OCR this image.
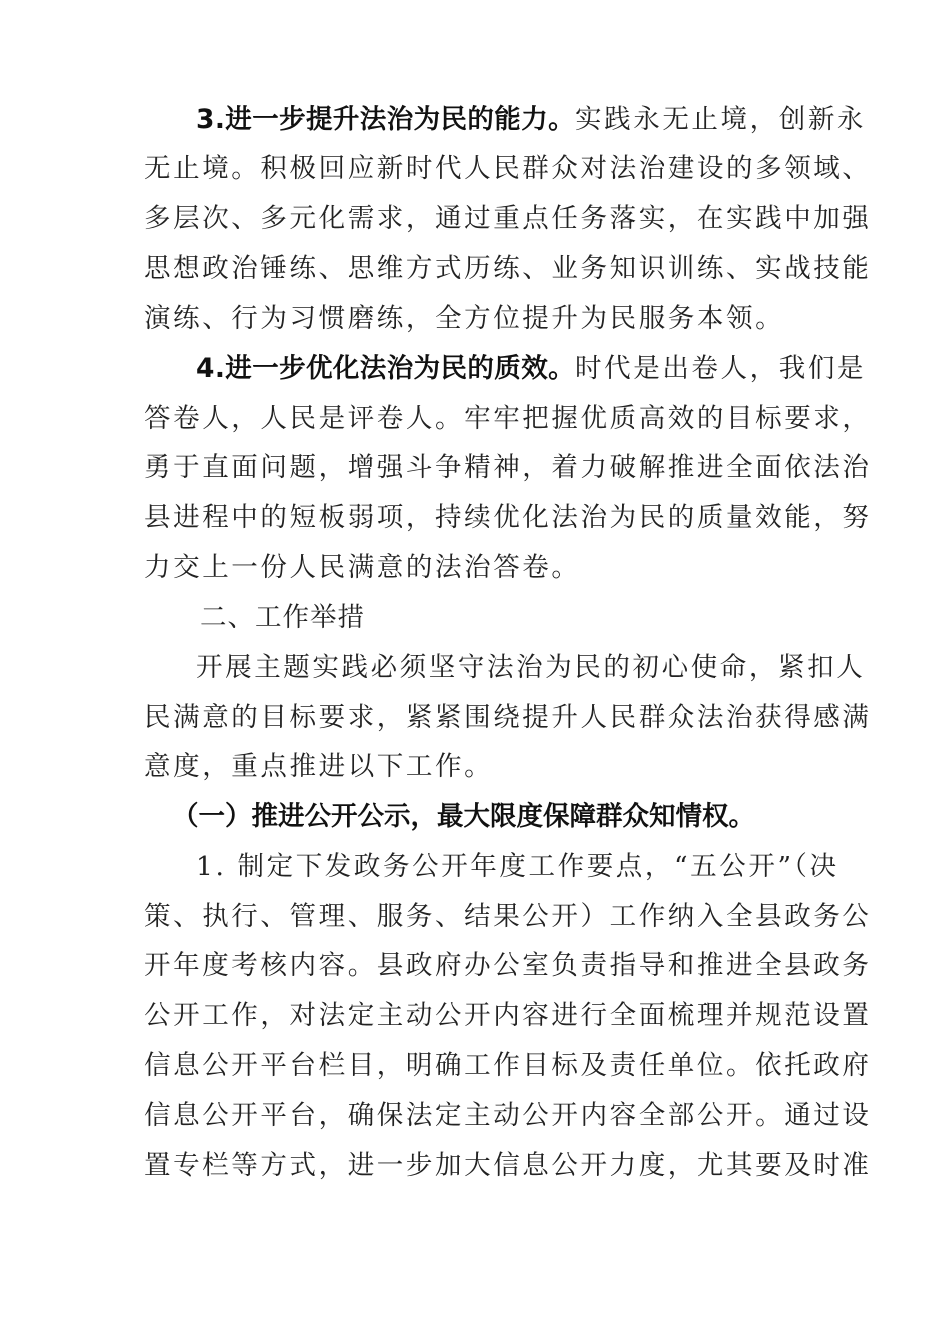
3.进一步提升法治为民的能力。实践永无止境，创新永
无止境。积极回应新时代人民群众对法治建设的多领域、
多层次、多元化需求，通过重点任务落实，在实践中加强
思想政治锤练、思维方式历练、业务知识训练、实战技能
演练、行为习惯磨练，全方位提升为民服务本领。
4.进一步优化法治为民的质效。时代是出卷人，我们是
答卷人，人民是评卷人。牢牢把握优质高效的目标要求，
勇于直面问题，增强斗争精神，着力破解推进全面依法治
县进程中的短板弱项，持续优化法治为民的质量效能，努
力交上一份人民满意的法治答卷。
二、工作举措
开展主题实践必须坚守法治为民的初心使命，紧扣人
民满意的目标要求，紧紧围绕提升人民群众法治获得感满
意度，重点推进以下工作。
（一）推进公开公示，最大限度保障群众知情权。
1. 制定下发政务公开年度工作要点，“五公开”（决
策、执行、管理、服务、结果公开）工作纳入全县政务公
开年度考核内容。县政府办公室负责指导和推进全县政务
公开工作，对法定主动公开内容进行全面梳理并规范设置
信息公开平台栏目，明确工作目标及责任单位。依托政府
信息公开平台，确保法定主动公开内容全部公开。通过设
置专栏等方式，进一步加大信息公开力度，尤其要及时准
